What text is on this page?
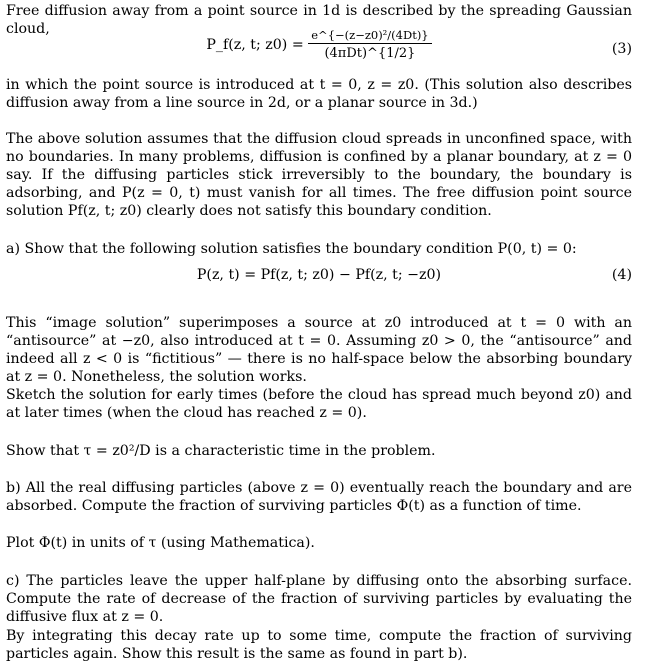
Free diffusion away from a point source in 1d is described by the spreading Gaussian cloud,

P_f(z, t; $z0) = \frac{\text{e\textasciicircum{}\{−(z−z0)²/(4Dt)\}}}{\text{(4πDt)\textasciicircum{}\{1/2\}}}$	(3)

in which the point source is introduced at t = 0, z = z0. (This solution also describes diffusion away from a line source in 2d, or a planar source in 3d.)

The above solution assumes that the diffusion cloud spreads in unconfined space, with no boundaries. In many problems, diffusion is confined by a planar boundary, at z = 0 say. If the diffusing particles stick irreversibly to the boundary, the boundary is adsorbing, and P(z = 0, t) must vanish for all times. The free diffusion point source solution Pf(z, t; z0) clearly does not satisfy this boundary condition.

a) Show that the following solution satisfies the boundary condition P(0, t) = 0:

P(z, t) = Pf(z, t; z0) − Pf(z, t; −z0)	(4)

This “image solution” superimposes a source at z0 introduced at t = 0 with an “antisource” at −z0, also introduced at t = 0. Assuming z0 > 0, the “antisource” and indeed all z < 0 is “fictitious” — there is no half-space below the absorbing boundary at z = 0. Nonetheless, the solution works.

Sketch the solution for early times (before the cloud has spread much beyond z0) and at later times (when the cloud has reached z = 0).

Show that τ = z0²/D is a characteristic time in the problem.

b) All the real diffusing particles (above z = 0) eventually reach the boundary and are absorbed. Compute the fraction of surviving particles Φ(t) as a function of time.

Plot Φ(t) in units of τ (using Mathematica).

c) The particles leave the upper half-plane by diffusing onto the absorbing surface. Compute the rate of decrease of the fraction of surviving particles by evaluating the diffusive flux at z = 0.

By integrating this decay rate up to some time, compute the fraction of surviving particles again. Show this result is the same as found in part b).
